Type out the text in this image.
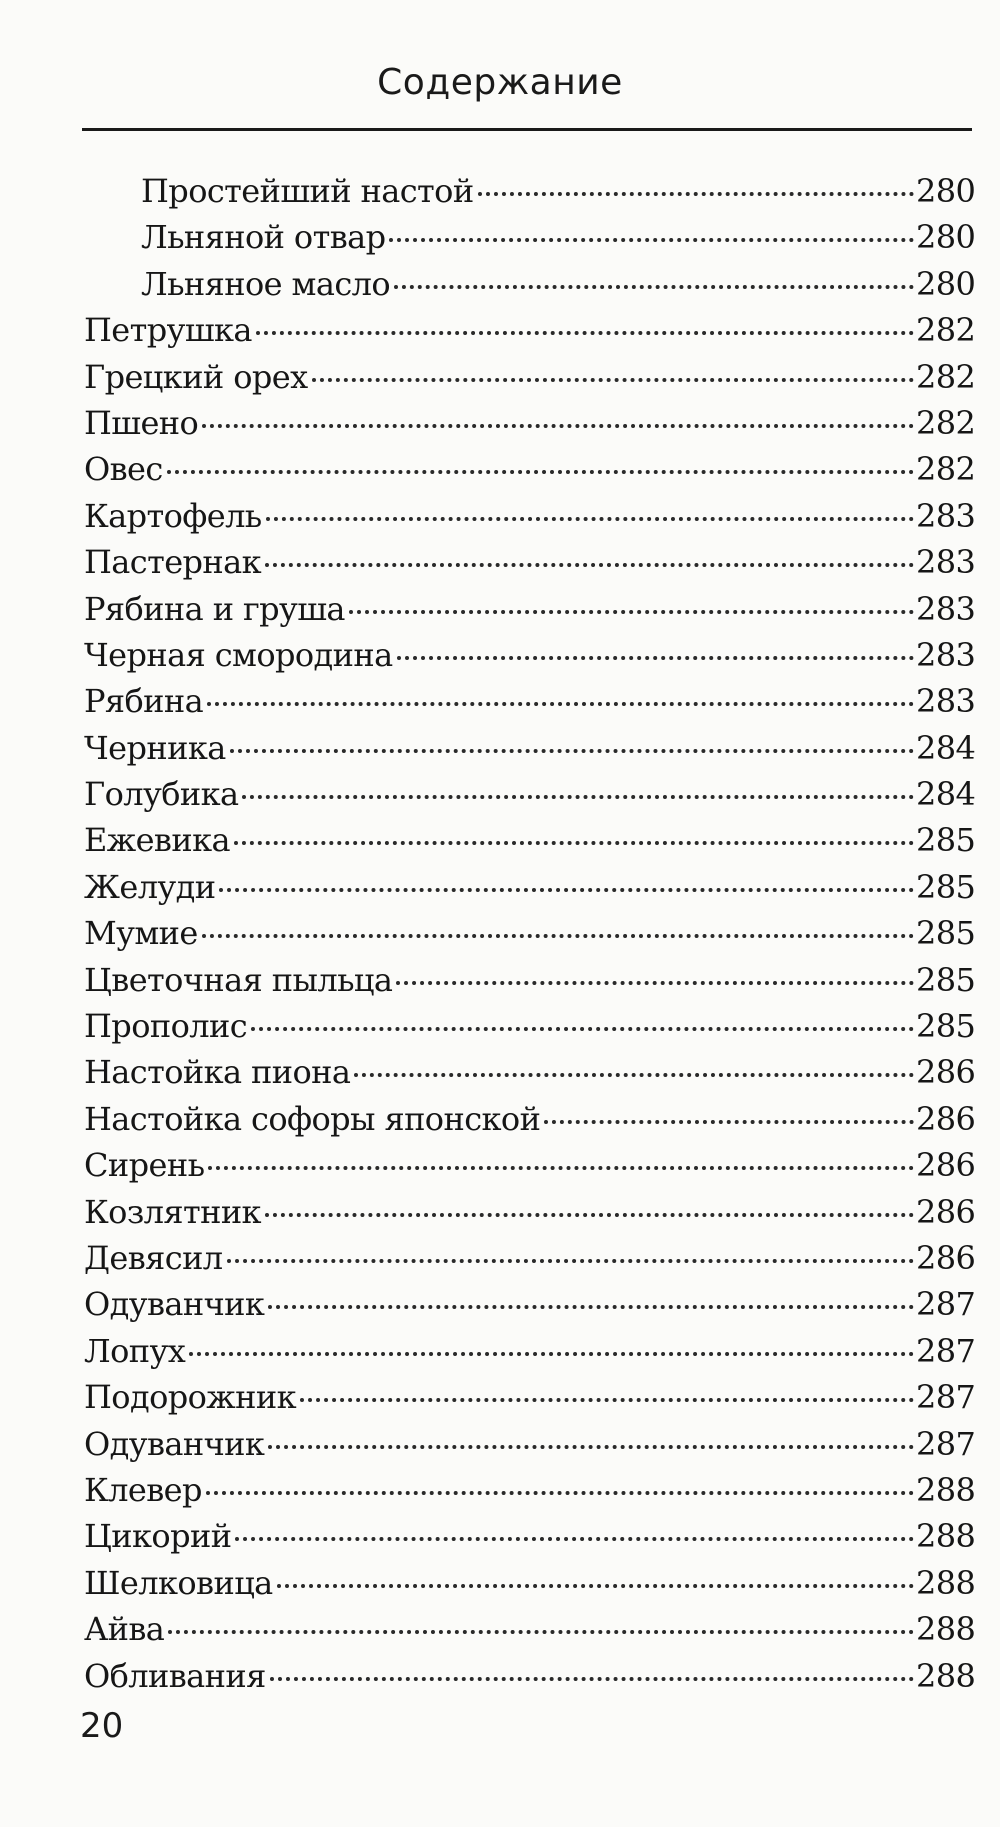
Содержание
Простейший настой	280
Льняной отвар	280
Льняное масло	280
Петрушка	282
Грецкий орех	282
Пшено	282
Овес	282
Картофель	283
Пастернак	283
Рябина и груша	283
Черная смородина	283
Рябина	283
Черника	284
Голубика	284
Ежевика	285
Желуди	285
Мумие	285
Цветочная пыльца	285
Прополис	285
Настойка пиона	286
Настойка софоры японской	286
Сирень	286
Козлятник	286
Девясил	286
Одуванчик	287
Лопух	287
Подорожник	287
Одуванчик	287
Клевер	288
Цикорий	288
Шелковица	288
Айва	288
Обливания	288
20
